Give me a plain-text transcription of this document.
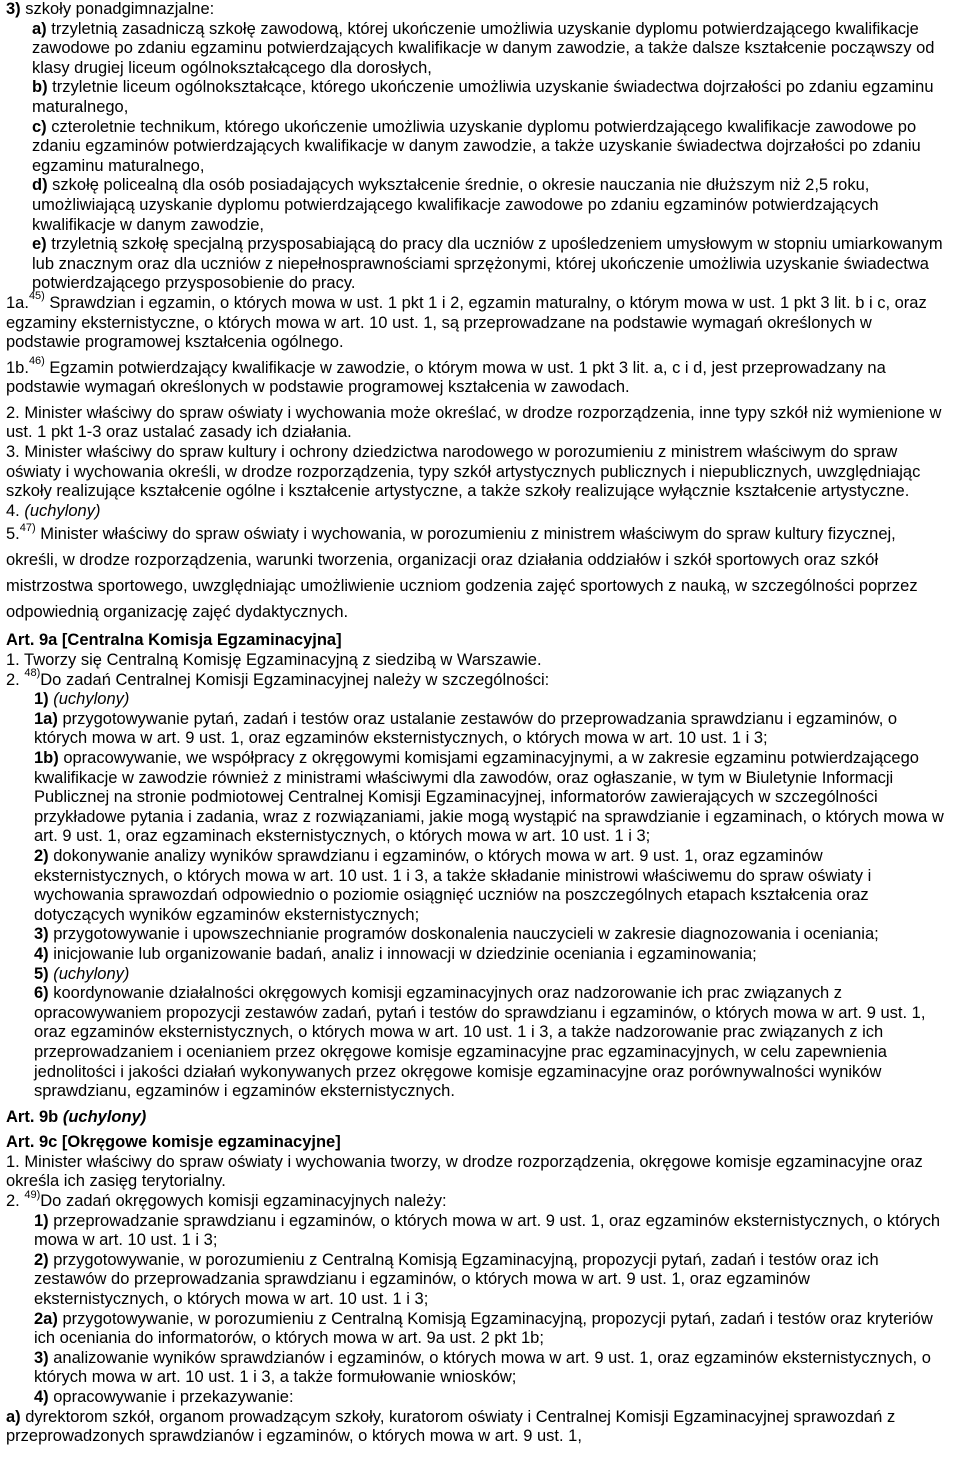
3) szkoły ponadgimnazjalne:

a) trzyletnią zasadniczą szkołę zawodową, której ukończenie umożliwia uzyskanie dyplomu potwierdzającego kwalifikacje zawodowe po zdaniu egzaminu potwierdzających kwalifikacje w danym zawodzie, a także dalsze kształcenie począwszy od klasy drugiej liceum ogólnokształcącego dla dorosłych,

b) trzyletnie liceum ogólnokształcące, którego ukończenie umożliwia uzyskanie świadectwa dojrzałości po zdaniu egzaminu maturalnego,

c) czteroletnie technikum, którego ukończenie umożliwia uzyskanie dyplomu potwierdzającego kwalifikacje zawodowe po zdaniu egzaminów potwierdzających kwalifikacje w danym zawodzie, a także uzyskanie świadectwa dojrzałości po zdaniu egzaminu maturalnego,

d) szkołę policealną dla osób posiadających wykształcenie średnie, o okresie nauczania nie dłuższym niż 2,5 roku, umożliwiającą uzyskanie dyplomu potwierdzającego kwalifikacje zawodowe po zdaniu egzaminów potwierdzających kwalifikacje w danym zawodzie,

e) trzyletnią szkołę specjalną przysposabiającą do pracy dla uczniów z upośledzeniem umysłowym w stopniu umiarkowanym lub znacznym oraz dla uczniów z niepełnosprawnościami sprzężonymi, której ukończenie umożliwia uzyskanie świadectwa potwierdzającego przysposobienie do pracy.

1a.$^{45)}$ Sprawdzian i egzamin, o których mowa w ust. 1 pkt 1 i 2, egzamin maturalny, o którym mowa w ust. 1 pkt 3 lit. b i c, oraz egzaminy eksternistyczne, o których mowa w art. 10 ust. 1, są przeprowadzane na podstawie wymagań określonych w podstawie programowej kształcenia ogólnego.

1b.$^{46)}$ Egzamin potwierdzający kwalifikacje w zawodzie, o którym mowa w ust. 1 pkt 3 lit. a, c i d, jest przeprowadzany na podstawie wymagań określonych w podstawie programowej kształcenia w zawodach.

2. Minister właściwy do spraw oświaty i wychowania może określać, w drodze rozporządzenia, inne typy szkół niż wymienione w ust. 1 pkt 1-3 oraz ustalać zasady ich działania.

3. Minister właściwy do spraw kultury i ochrony dziedzictwa narodowego w porozumieniu z ministrem właściwym do spraw oświaty i wychowania określi, w drodze rozporządzenia, typy szkół artystycznych publicznych i niepublicznych, uwzględniając szkoły realizujące kształcenie ogólne i kształcenie artystyczne, a także szkoły realizujące wyłącznie kształcenie artystyczne.

4. (uchylony)

5.$^{47)}$ Minister właściwy do spraw oświaty i wychowania, w porozumieniu z ministrem właściwym do spraw kultury fizycznej, określi, w drodze rozporządzenia, warunki tworzenia, organizacji oraz działania oddziałów i szkół sportowych oraz szkół mistrzostwa sportowego, uwzględniając umożliwienie uczniom godzenia zajęć sportowych z nauką, w szczególności poprzez odpowiednią organizację zajęć dydaktycznych.

Art. 9a [Centralna Komisja Egzaminacyjna]

1. Tworzy się Centralną Komisję Egzaminacyjną z siedzibą w Warszawie.

2. $^{48)}$Do zadań Centralnej Komisji Egzaminacyjnej należy w szczególności:

1) (uchylony)

1a) przygotowywanie pytań, zadań i testów oraz ustalanie zestawów do przeprowadzania sprawdzianu i egzaminów, o których mowa w art. 9 ust. 1, oraz egzaminów eksternistycznych, o których mowa w art. 10 ust. 1 i 3;

1b) opracowywanie, we współpracy z okręgowymi komisjami egzaminacyjnymi, a w zakresie egzaminu potwierdzającego kwalifikacje w zawodzie również z ministrami właściwymi dla zawodów, oraz ogłaszanie, w tym w Biuletynie Informacji Publicznej na stronie podmiotowej Centralnej Komisji Egzaminacyjnej, informatorów zawierających w szczególności przykładowe pytania i zadania, wraz z rozwiązaniami, jakie mogą wystąpić na sprawdzianie i egzaminach, o których mowa w art. 9 ust. 1, oraz egzaminach eksternistycznych, o których mowa w art. 10 ust. 1 i 3;

2) dokonywanie analizy wyników sprawdzianu i egzaminów, o których mowa w art. 9 ust. 1, oraz egzaminów eksternistycznych, o których mowa w art. 10 ust. 1 i 3, a także składanie ministrowi właściwemu do spraw oświaty i wychowania sprawozdań odpowiednio o poziomie osiągnięć uczniów na poszczególnych etapach kształcenia oraz dotyczących wyników egzaminów eksternistycznych;

3) przygotowywanie i upowszechnianie programów doskonalenia nauczycieli w zakresie diagnozowania i oceniania;

4) inicjowanie lub organizowanie badań, analiz i innowacji w dziedzinie oceniania i egzaminowania;

5) (uchylony)

6) koordynowanie działalności okręgowych komisji egzaminacyjnych oraz nadzorowanie ich prac związanych z opracowywaniem propozycji zestawów zadań, pytań i testów do sprawdzianu i egzaminów, o których mowa w art. 9 ust. 1, oraz egzaminów eksternistycznych, o których mowa w art. 10 ust. 1 i 3, a także nadzorowanie prac związanych z ich przeprowadzaniem i ocenianiem przez okręgowe komisje egzaminacyjne prac egzaminacyjnych, w celu zapewnienia jednolitości i jakości działań wykonywanych przez okręgowe komisje egzaminacyjne oraz porównywalności wyników sprawdzianu, egzaminów i egzaminów eksternistycznych.

Art. 9b (uchylony)

Art. 9c [Okręgowe komisje egzaminacyjne]

1. Minister właściwy do spraw oświaty i wychowania tworzy, w drodze rozporządzenia, okręgowe komisje egzaminacyjne oraz określa ich zasięg terytorialny.

2. $^{49)}$Do zadań okręgowych komisji egzaminacyjnych należy:

1) przeprowadzanie sprawdzianu i egzaminów, o których mowa w art. 9 ust. 1, oraz egzaminów eksternistycznych, o których mowa w art. 10 ust. 1 i 3;

2) przygotowywanie, w porozumieniu z Centralną Komisją Egzaminacyjną, propozycji pytań, zadań i testów oraz ich zestawów do przeprowadzania sprawdzianu i egzaminów, o których mowa w art. 9 ust. 1, oraz egzaminów eksternistycznych, o których mowa w art. 10 ust. 1 i 3;

2a) przygotowywanie, w porozumieniu z Centralną Komisją Egzaminacyjną, propozycji pytań, zadań i testów oraz kryteriów ich oceniania do informatorów, o których mowa w art. 9a ust. 2 pkt 1b;

3) analizowanie wyników sprawdzianów i egzaminów, o których mowa w art. 9 ust. 1, oraz egzaminów eksternistycznych, o których mowa w art. 10 ust. 1 i 3, a także formułowanie wniosków;

4) opracowywanie i przekazywanie:

a) dyrektorom szkół, organom prowadzącym szkoły, kuratorom oświaty i Centralnej Komisji Egzaminacyjnej sprawozdań z przeprowadzonych sprawdzianów i egzaminów, o których mowa w art. 9 ust. 1,
